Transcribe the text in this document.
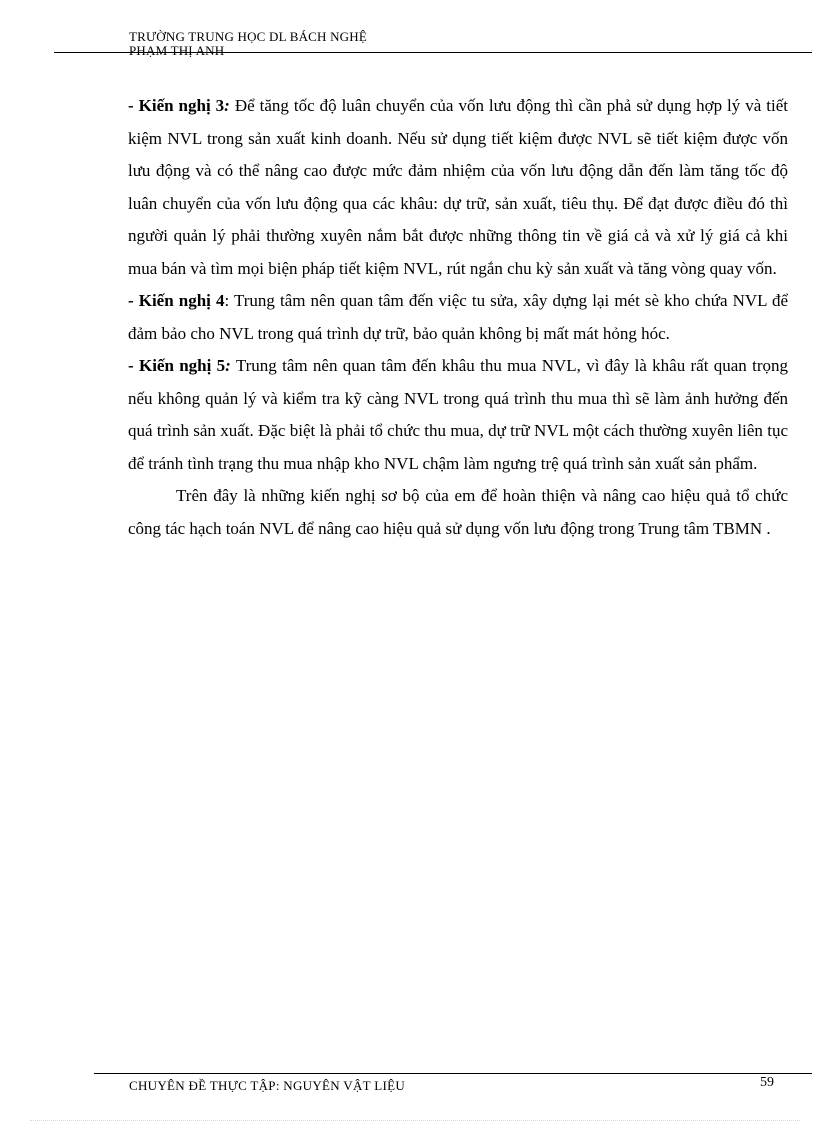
TRƯỜNG TRUNG HỌC DL BÁCH NGHỆ
PHẠM THỊ ANH

- Kiến nghị 3: Để tăng tốc độ luân chuyển của vốn lưu động thì cần phả sử dụng hợp lý và tiết kiệm NVL trong sản xuất kinh doanh. Nếu sử dụng tiết kiệm được NVL sẽ tiết kiệm được vốn lưu động và có thể nâng cao được mức đảm nhiệm của vốn lưu động dẫn đến làm tăng tốc độ luân chuyển của vốn lưu động qua các khâu: dự trữ, sản xuất, tiêu thụ. Để đạt được điều đó thì người quản lý phải thường xuyên nắm bắt được những thông tin về giá cả và xử lý giá cả khi mua bán và tìm mọi biện pháp tiết kiệm NVL, rút ngắn chu kỳ sản xuất và tăng vòng quay vốn.

- Kiến nghị 4: Trung tâm nên quan tâm đến việc tu sửa, xây dựng lại mét sè kho chứa NVL để đảm bảo cho NVL trong quá trình dự trữ, bảo quản không bị mất mát hỏng hóc.

- Kiến nghị 5: Trung tâm nên quan tâm đến khâu thu mua NVL, vì đây là khâu rất quan trọng nếu không quản lý và kiểm tra kỹ càng NVL trong quá trình thu mua thì sẽ làm ảnh hưởng đến quá trình sản xuất. Đặc biệt là phải tổ chức thu mua, dự trữ NVL một cách thường xuyên liên tục để tránh tình trạng thu mua nhập kho NVL chậm làm ngưng trệ quá trình sản xuất sản phẩm.

Trên đây là những kiến nghị sơ bộ của em để hoàn thiện và nâng cao hiệu quả tổ chức công tác hạch toán NVL để nâng cao hiệu quả sử dụng vốn lưu động trong Trung tâm TBMN .

CHUYÊN ĐỀ THỰC TẬP: NGUYÊN VẬT LIỆU	59
